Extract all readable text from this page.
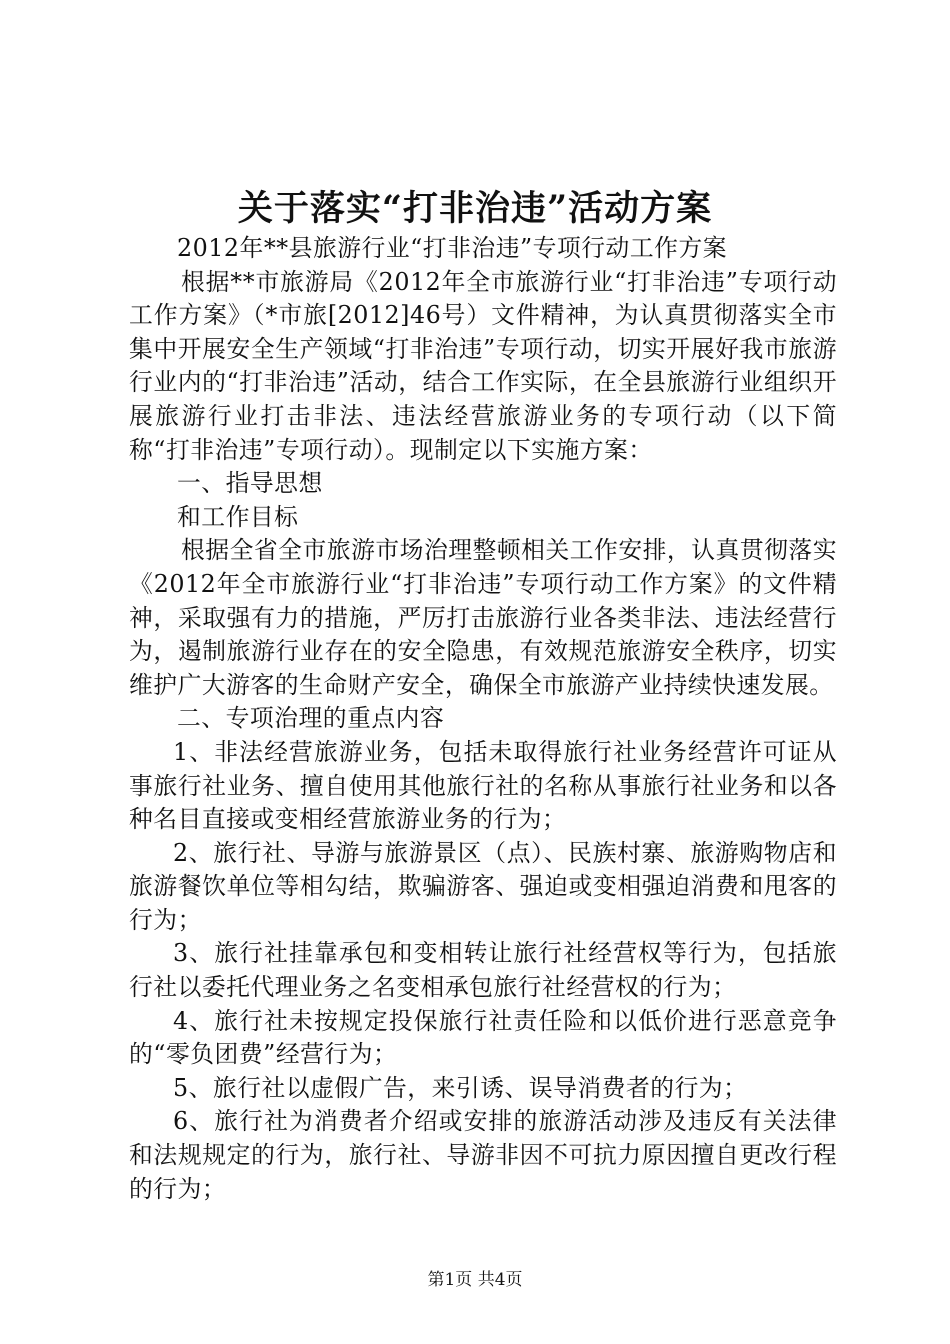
关于落实“打非治违”活动方案

2012年**县旅游行业“打非治违”专项行动工作方案

根据**市旅游局《2012年全市旅游行业“打非治违”专项行动工作方案》（*市旅[2012]46号）文件精神，为认真贯彻落实全市集中开展安全生产领域“打非治违”专项行动，切实开展好我市旅游行业内的“打非治违”活动，结合工作实际，在全县旅游行业组织开展旅游行业打击非法、违法经营旅游业务的专项行动（以下简称“打非治违”专项行动）。现制定以下实施方案：

一、指导思想

和工作目标

根据全省全市旅游市场治理整顿相关工作安排，认真贯彻落实《2012年全市旅游行业“打非治违”专项行动工作方案》的文件精神，采取强有力的措施，严厉打击旅游行业各类非法、违法经营行为，遏制旅游行业存在的安全隐患，有效规范旅游安全秩序，切实维护广大游客的生命财产安全，确保全市旅游产业持续快速发展。

二、专项治理的重点内容

1、非法经营旅游业务，包括未取得旅行社业务经营许可证从事旅行社业务、擅自使用其他旅行社的名称从事旅行社业务和以各种名目直接或变相经营旅游业务的行为；

2、旅行社、导游与旅游景区（点）、民族村寨、旅游购物店和旅游餐饮单位等相勾结，欺骗游客、强迫或变相强迫消费和甩客的行为；

3、旅行社挂靠承包和变相转让旅行社经营权等行为，包括旅行社以委托代理业务之名变相承包旅行社经营权的行为；

4、旅行社未按规定投保旅行社责任险和以低价进行恶意竞争的“零负团费”经营行为；

5、旅行社以虚假广告，来引诱、误导消费者的行为；

6、旅行社为消费者介绍或安排的旅游活动涉及违反有关法律和法规规定的行为，旅行社、导游非因不可抗力原因擅自更改行程的行为；

第1页 共4页
